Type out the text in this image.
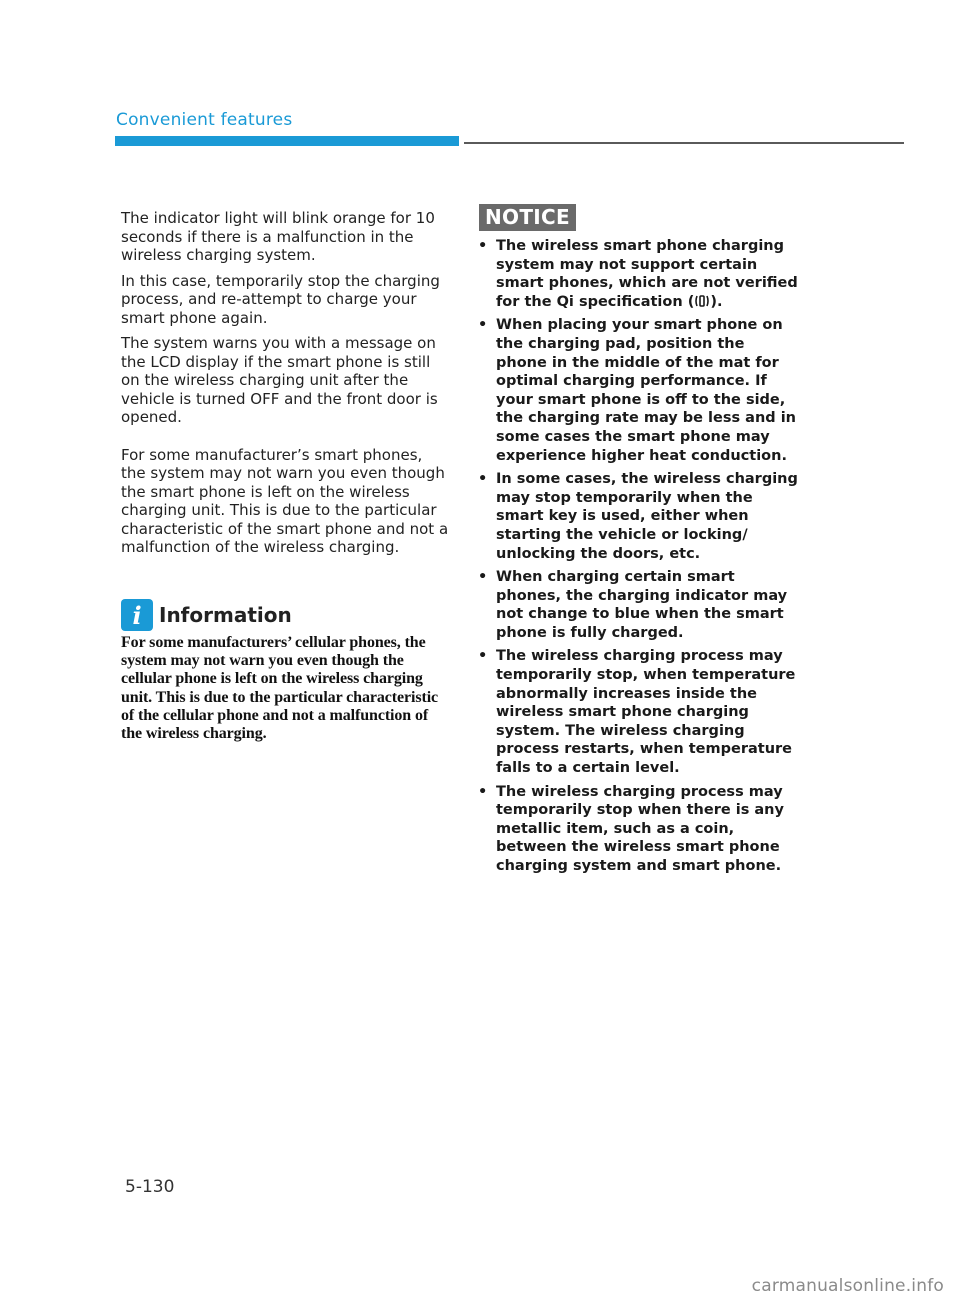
Convenient features

The indicator light will blink orange for 10 seconds if there is a malfunction in the wireless charging system.

In this case, temporarily stop the charging process, and re-attempt to charge your smart phone again.

The system warns you with a message on the LCD display if the smart phone is still on the wireless charging unit after the vehicle is turned OFF and the front door is opened.

For some manufacturer’s smart phones, the system may not warn you even though the smart phone is left on the wireless charging unit. This is due to the particular characteristic of the smart phone and not a malfunction of the wireless charging.

i Information
For some manufacturers’ cellular phones, the system may not warn you even though the cellular phone is left on the wireless charging unit. This is due to the particular characteristic of the cellular phone and not a malfunction of the wireless charging.
NOTICE
• The wireless smart phone charging system may not support certain smart phones, which are not verified for the Qi specification ( ).
• When placing your smart phone on the charging pad, position the phone in the middle of the mat for optimal charging performance. If your smart phone is off to the side, the charging rate may be less and in some cases the smart phone may experience higher heat conduction.
• In some cases, the wireless charging may stop temporarily when the smart key is used, either when starting the vehicle or locking/ unlocking the doors, etc.
• When charging certain smart phones, the charging indicator may not change to blue when the smart phone is fully charged.
• The wireless charging process may temporarily stop, when temperature abnormally increases inside the wireless smart phone charging system. The wireless charging process restarts, when temperature falls to a certain level.
• The wireless charging process may temporarily stop when there is any metallic item, such as a coin, between the wireless smart phone charging system and smart phone.
5-130
carmanualsonline.info
